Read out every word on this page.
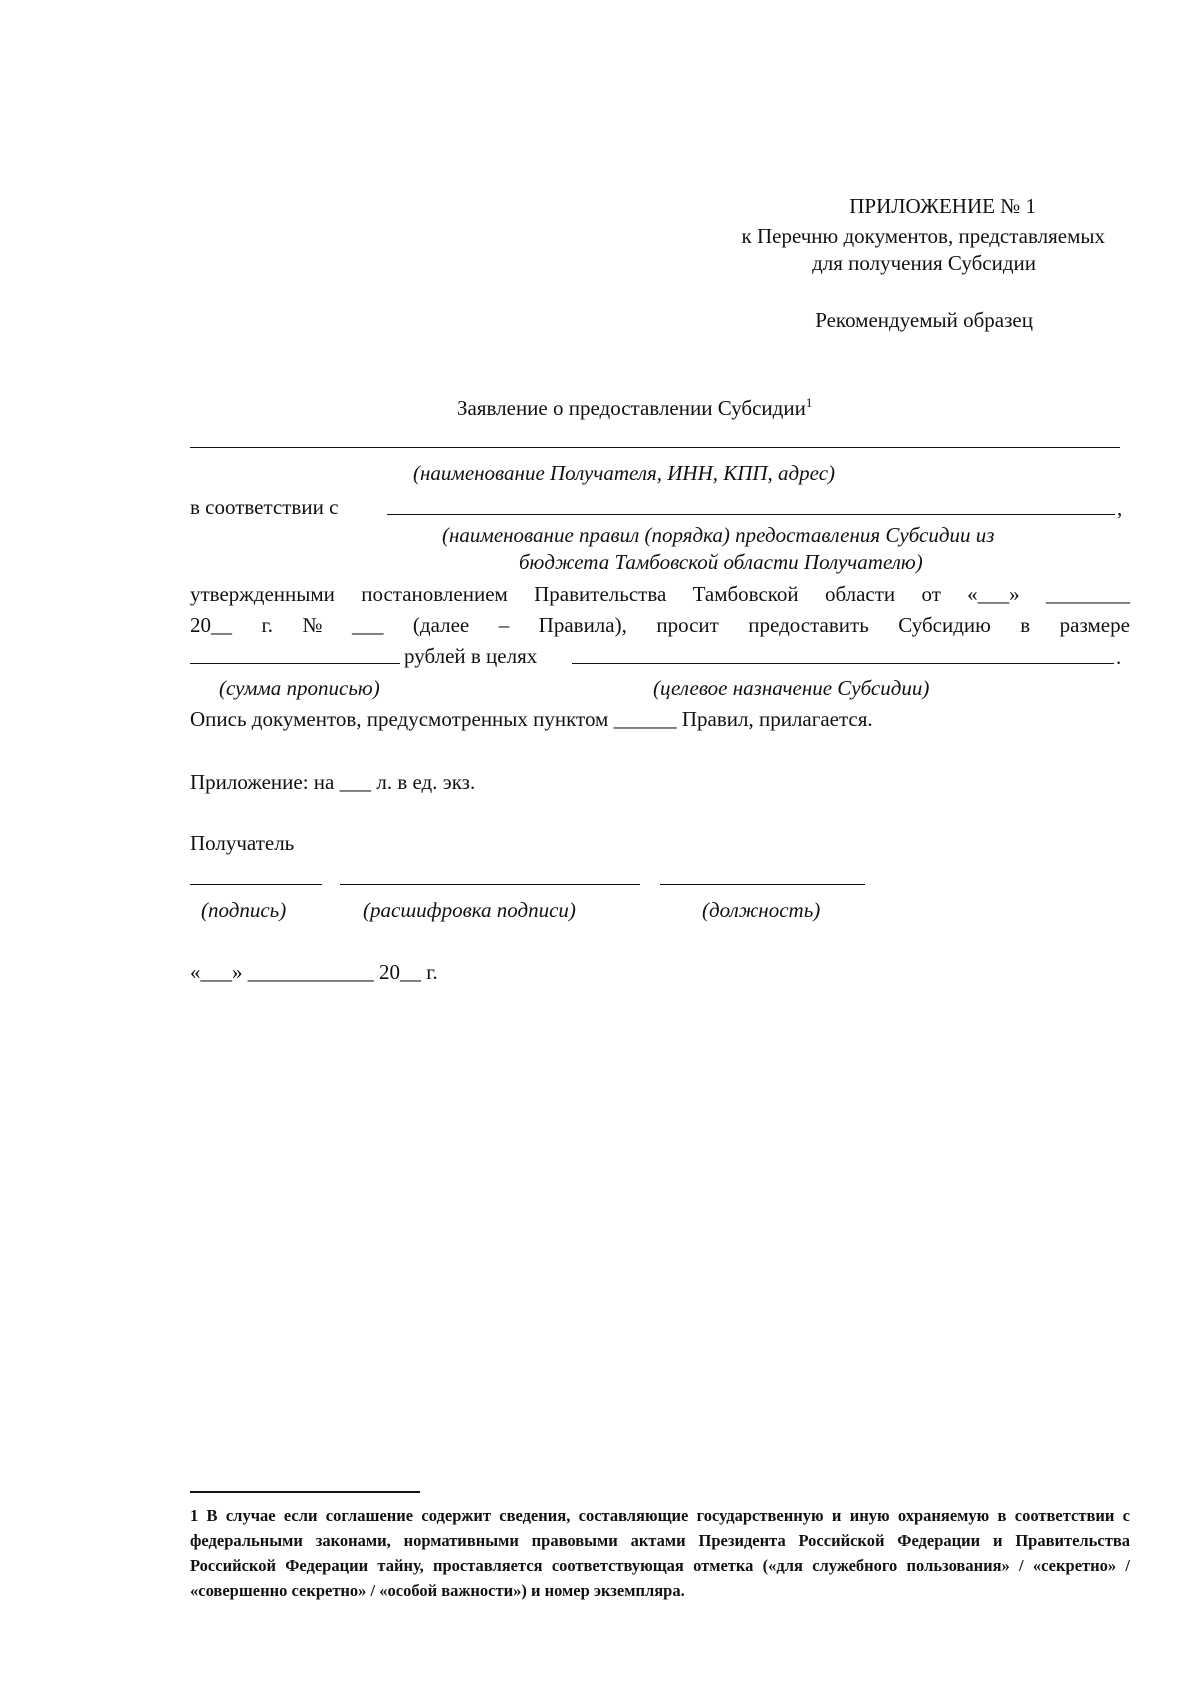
ПРИЛОЖЕНИЕ № 1
к Перечню документов, представляемых
для получения Субсидии
Рекомендуемый образец
Заявление о предоставлении Субсидии$^1$
(наименование Получателя, ИНН, КПП, адрес)
в соответствии с	,
(наименование правил (порядка) предоставления Субсидии из
бюджета Тамбовской области Получателю)
утвержденными постановлением Правительства Тамбовской области от «___» ________
20__ г. № ___ (далее – Правила), просит предоставить Субсидию в размере
рублей в целях	.
(сумма прописью)	(целевое назначение Субсидии)
Опись документов, предусмотренных пунктом ______ Правил, прилагается.
Приложение: на ___ л. в ед. экз.
Получатель
(подпись)	(расшифровка подписи)	(должность)
«___» ____________ 20__ г.
1 В случае если соглашение содержит сведения, составляющие государственную и иную охраняемую в соответствии с федеральными законами, нормативными правовыми актами Президента Российской Федерации и Правительства Российской Федерации тайну, проставляется соответствующая отметка («для служебного пользования» / «секретно» / «совершенно секретно» / «особой важности») и номер экземпляра.
